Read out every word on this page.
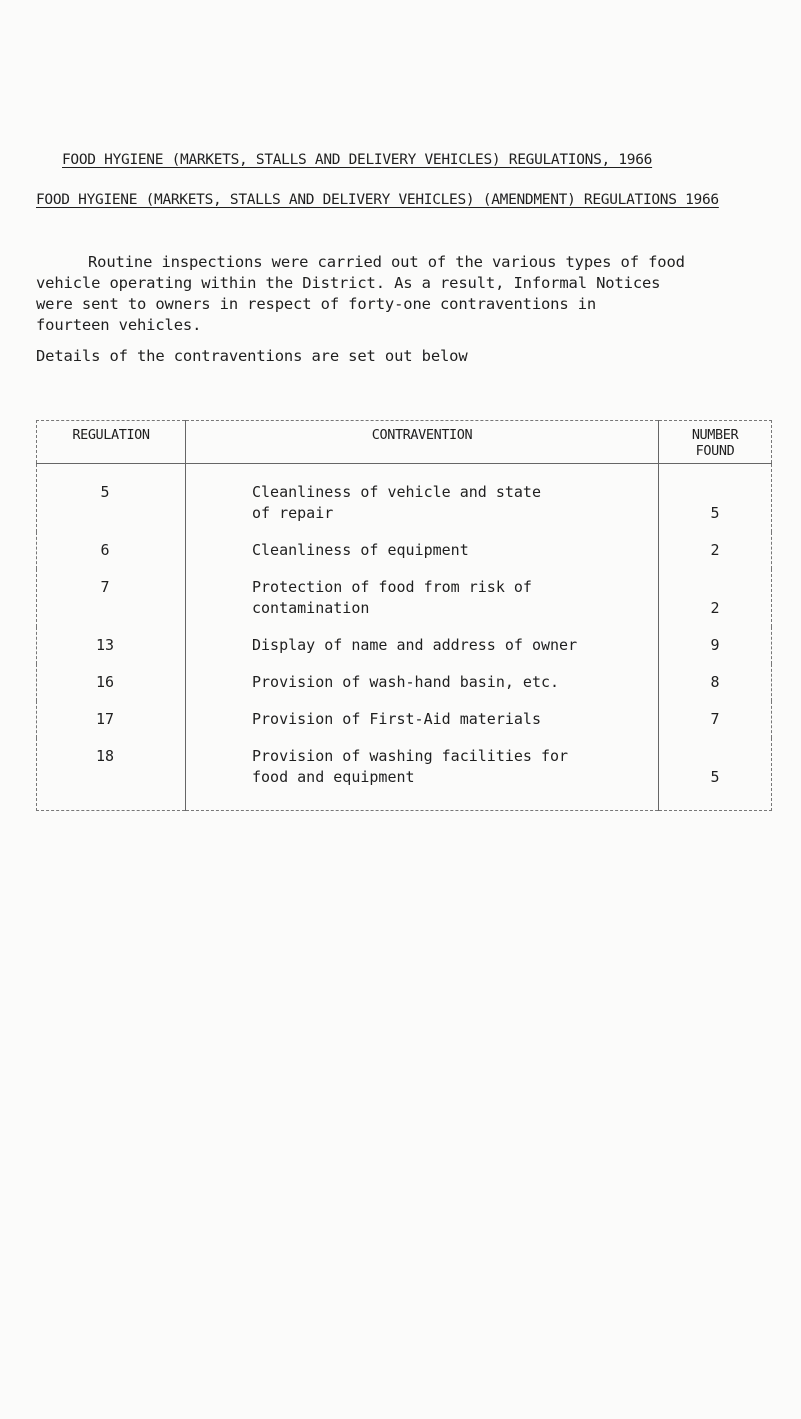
FOOD HYGIENE (MARKETS, STALLS AND DELIVERY VEHICLES) REGULATIONS, 1966
FOOD HYGIENE (MARKETS, STALLS AND DELIVERY VEHICLES) (AMENDMENT) REGULATIONS 1966
Routine inspections were carried out of the various types of food
vehicle operating within the District. As a result, Informal Notices
were sent to owners in respect of forty-one contraventions in
fourteen vehicles.
Details of the contraventions are set out below
REGULATION	CONTRAVENTION	NUMBER
FOUND

5	Cleanliness of vehicle and state
of repair	5

6	Cleanliness of equipment	2

7	Protection of food from risk of
contamination	2

13	Display of name and address of owner	9

16	Provision of wash-hand basin, etc.	8

17	Provision of First-Aid materials	7

18	Provision of washing facilities for
food and equipment	5
